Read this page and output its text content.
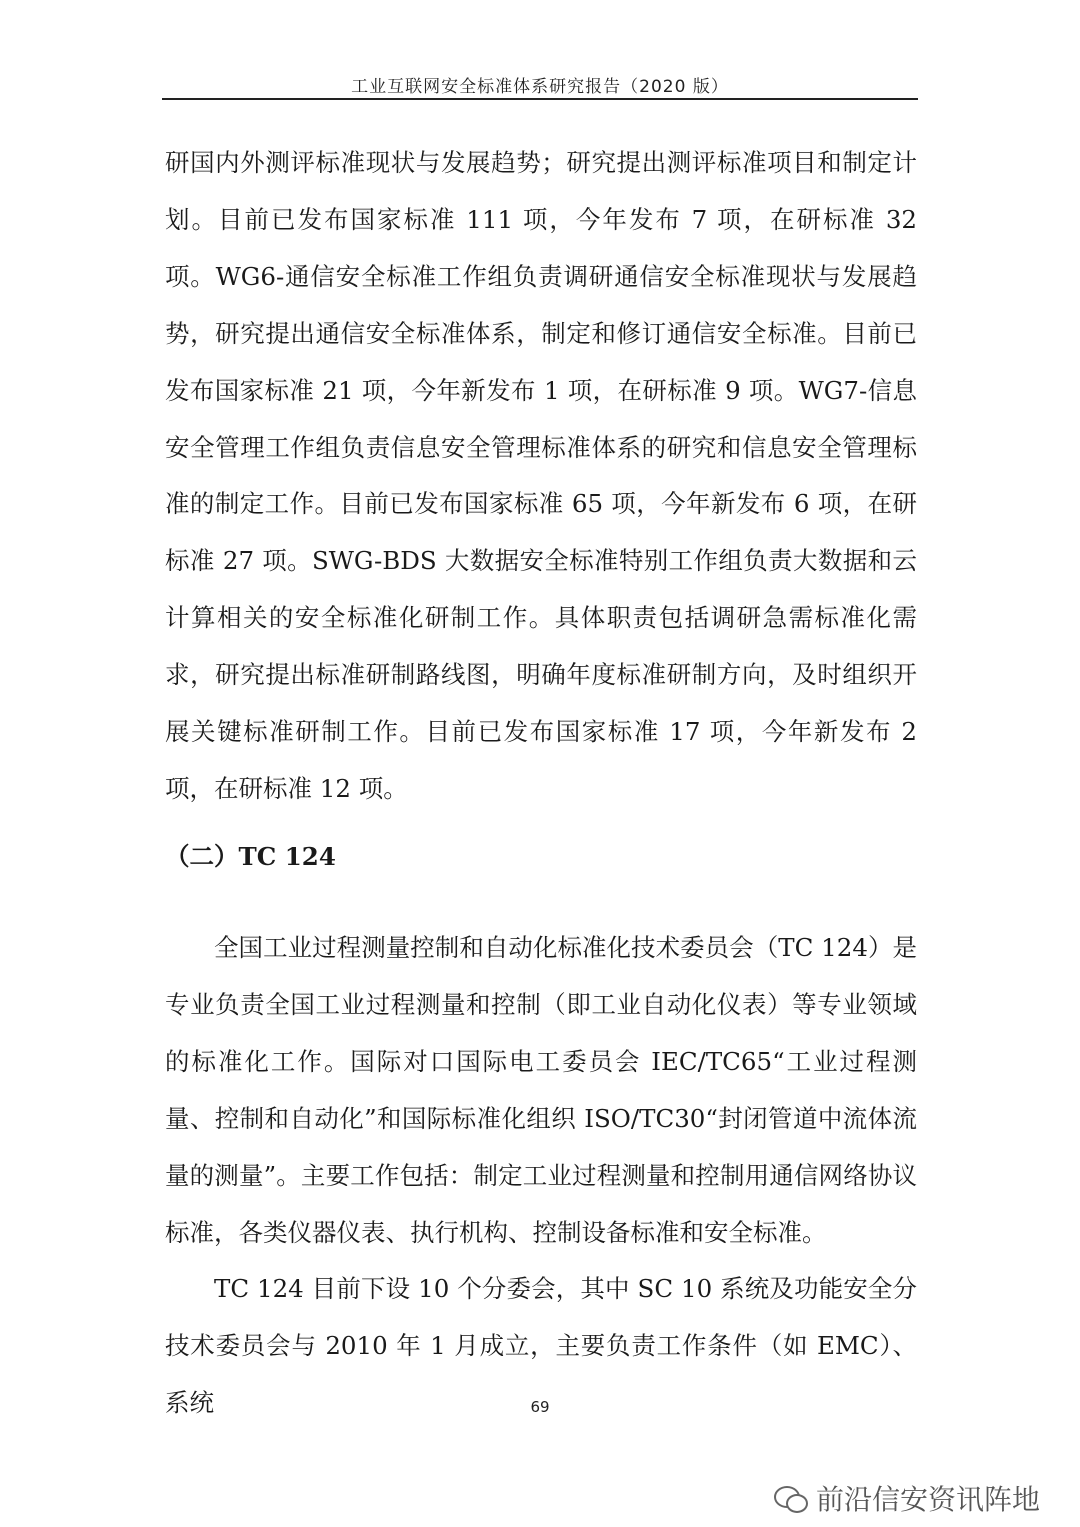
工业互联网安全标准体系研究报告（2020 版）

研国内外测评标准现状与发展趋势；研究提出测评标准项目和制定计划。目前已发布国家标准 111 项，今年发布 7 项，在研标准 32 项。WG6-通信安全标准工作组负责调研通信安全标准现状与发展趋势，研究提出通信安全标准体系，制定和修订通信安全标准。目前已发布国家标准 21 项，今年新发布 1 项，在研标准 9 项。WG7-信息安全管理工作组负责信息安全管理标准体系的研究和信息安全管理标准的制定工作。目前已发布国家标准 65 项，今年新发布 6 项，在研标准 27 项。SWG-BDS 大数据安全标准特别工作组负责大数据和云计算相关的安全标准化研制工作。具体职责包括调研急需标准化需求，研究提出标准研制路线图，明确年度标准研制方向，及时组织开展关键标准研制工作。目前已发布国家标准 17 项，今年新发布 2 项，在研标准 12 项。

（二）TC 124

全国工业过程测量控制和自动化标准化技术委员会（TC 124）是专业负责全国工业过程测量和控制（即工业自动化仪表）等专业领域的标准化工作。国际对口国际电工委员会 IEC/TC65“工业过程测量、控制和自动化”和国际标准化组织 ISO/TC30“封闭管道中流体流量的测量”。主要工作包括：制定工业过程测量和控制用通信网络协议标准，各类仪器仪表、执行机构、控制设备标准和安全标准。

TC 124 目前下设 10 个分委会，其中 SC 10 系统及功能安全分技术委员会与 2010 年 1 月成立，主要负责工作条件（如 EMC）、系统	69
前沿信安资讯阵地
